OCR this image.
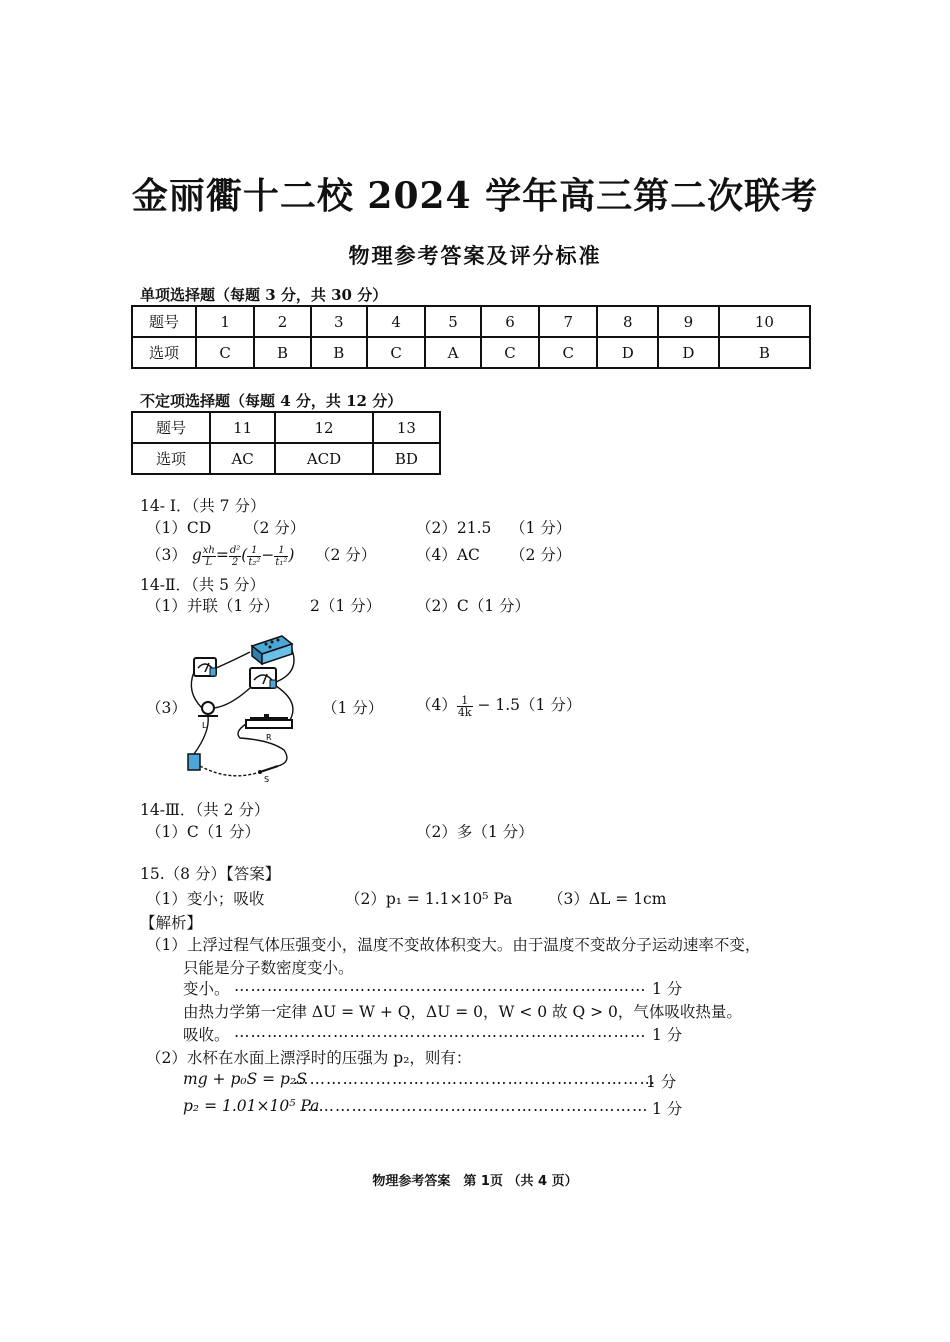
金丽衢十二校 2024 学年高三第二次联考
物理参考答案及评分标准
单项选择题（每题 3 分，共 30 分）
题号	1	2	3	4	5	6	7	8	9	10
选项	C	B	B	C	A	C	C	D	D	B
不定项选择题（每题 4 分，共 12 分）
题号	11	12	13
选项	AC	ACD	BD
14- Ⅰ．（共 7 分）
（1）CD （2 分）	（2）21.5 （1 分）
（3） g $\frac{xh}{L} = \frac{\text{d²}}{2}$ ( $\frac{1}{\text{t₂²}} - \frac{1}{\text{t₁²}}$ ) （2 分）	（4）AC （2 分）
14-Ⅱ．（共 5 分）
（1）并联（1 分） 2（1 分） （2）C（1 分）
（3）
L
R
S
（1 分） $(4) \frac{1}{4k} - 1.5(1$ 分）
14-Ⅲ．（共 2 分）
（1）C（1 分）	（2）多（1 分）
15.（8 分）【答案】
（1）变小；吸收	（2）p₁ = 1.1×10⁵ Pa （3）ΔL = 1cm
【解析】
（1）上浮过程气体压强变小，温度不变故体积变大。由于温度不变故分子运动速率不变，
只能是分子数密度变小。
变小。 ………………………………………………………………… 1 分
由热力学第一定律 ΔU = W + Q，ΔU = 0，W < 0 故 Q > 0，气体吸收热量。
吸收。 ………………………………………………………………… 1 分
（2）水杯在水面上漂浮时的压强为 p₂，则有：
mg + p₀S = p₂S
…………………………………………………………
1 分
p₂ = 1.01×10⁵ Pa
……………………………………………………… 1 分
物理参考答案　第 1页 （共 4 页）
